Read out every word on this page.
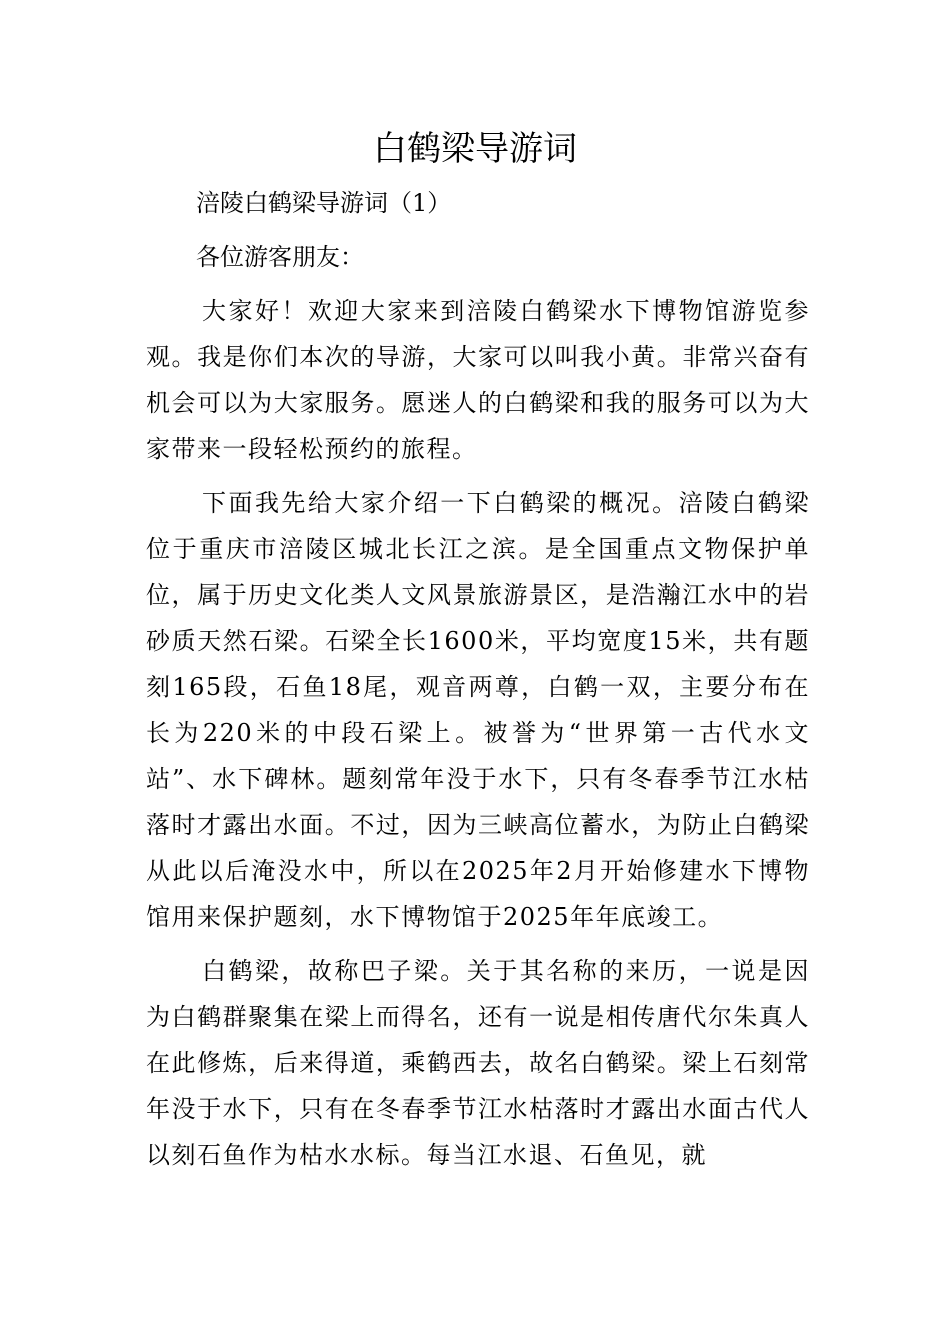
白鹤梁导游词

涪陵白鹤梁导游词（1）

各位游客朋友：

大家好！欢迎大家来到涪陵白鹤梁水下博物馆游览参观。我是你们本次的导游，大家可以叫我小黄。非常兴奋有机会可以为大家服务。愿迷人的白鹤梁和我的服务可以为大家带来一段轻松预约的旅程。

下面我先给大家介绍一下白鹤梁的概况。涪陵白鹤梁位于重庆市涪陵区城北长江之滨。是全国重点文物保护单位，属于历史文化类人文风景旅游景区，是浩瀚江水中的岩砂质天然石梁。石梁全长1600米，平均宽度15米，共有题刻165段，石鱼18尾，观音两尊，白鹤一双，主要分布在长为220米的中段石梁上。被誉为“世界第一古代水文站”、水下碑林。题刻常年没于水下，只有冬春季节江水枯落时才露出水面。不过，因为三峡高位蓄水，为防止白鹤梁从此以后淹没水中，所以在2025年2月开始修建水下博物馆用来保护题刻，水下博物馆于2025年年底竣工。

白鹤梁，故称巴子梁。关于其名称的来历，一说是因为白鹤群聚集在梁上而得名，还有一说是相传唐代尔朱真人在此修炼，后来得道，乘鹤西去，故名白鹤梁。梁上石刻常年没于水下，只有在冬春季节江水枯落时才露出水面古代人以刻石鱼作为枯水水标。每当江水退、石鱼见，就
